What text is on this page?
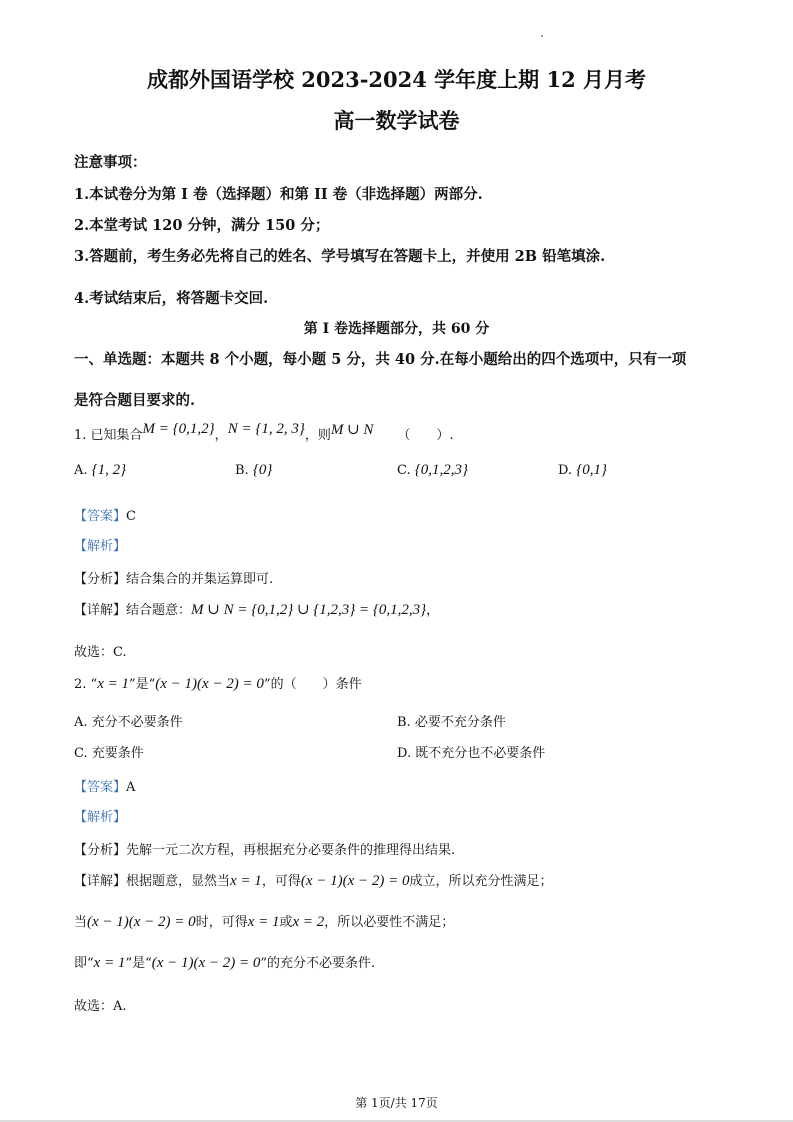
成都外国语学校 2023-2024 学年度上期 12 月月考
高一数学试卷
注意事项：
1.本试卷分为第 I 卷（选择题）和第 II 卷（非选择题）两部分.
2.本堂考试 120 分钟，满分 150 分；
3.答题前，考生务必先将自己的姓名、学号填写在答题卡上，并使用 2B 铅笔填涂.
4.考试结束后，将答题卡交回.
第 I 卷选择题部分，共 60 分
一、单选题：本题共 8 个小题，每小题 5 分，共 40 分.在每小题给出的四个选项中，只有一项
是符合题目要求的.
1. 已知集合M = {0,1,2}，N = {1, 2, 3}，则M ∪ N （　　）.
A. {1, 2}	B. {0}	C. {0,1,2,3}	D. {0,1}
【答案】C
【解析】
【分析】结合集合的并集运算即可.
【详解】结合题意：M ∪ N = {0,1,2} ∪ {1,2,3} = {0,1,2,3}，
故选：C.
2. “x = 1”是“(x − 1)(x − 2) = 0”的（　　）条件
A. 充分不必要条件	B. 必要不充分条件
C. 充要条件	D. 既不充分也不必要条件
【答案】A
【解析】
【分析】先解一元二次方程，再根据充分必要条件的推理得出结果.
【详解】根据题意，显然当x = 1，可得(x − 1)(x − 2) = 0成立，所以充分性满足；
当(x − 1)(x − 2) = 0时，可得x = 1或x = 2，所以必要性不满足；
即“x = 1”是“(x − 1)(x − 2) = 0”的充分不必要条件.
故选：A.
第 1页/共 17页
